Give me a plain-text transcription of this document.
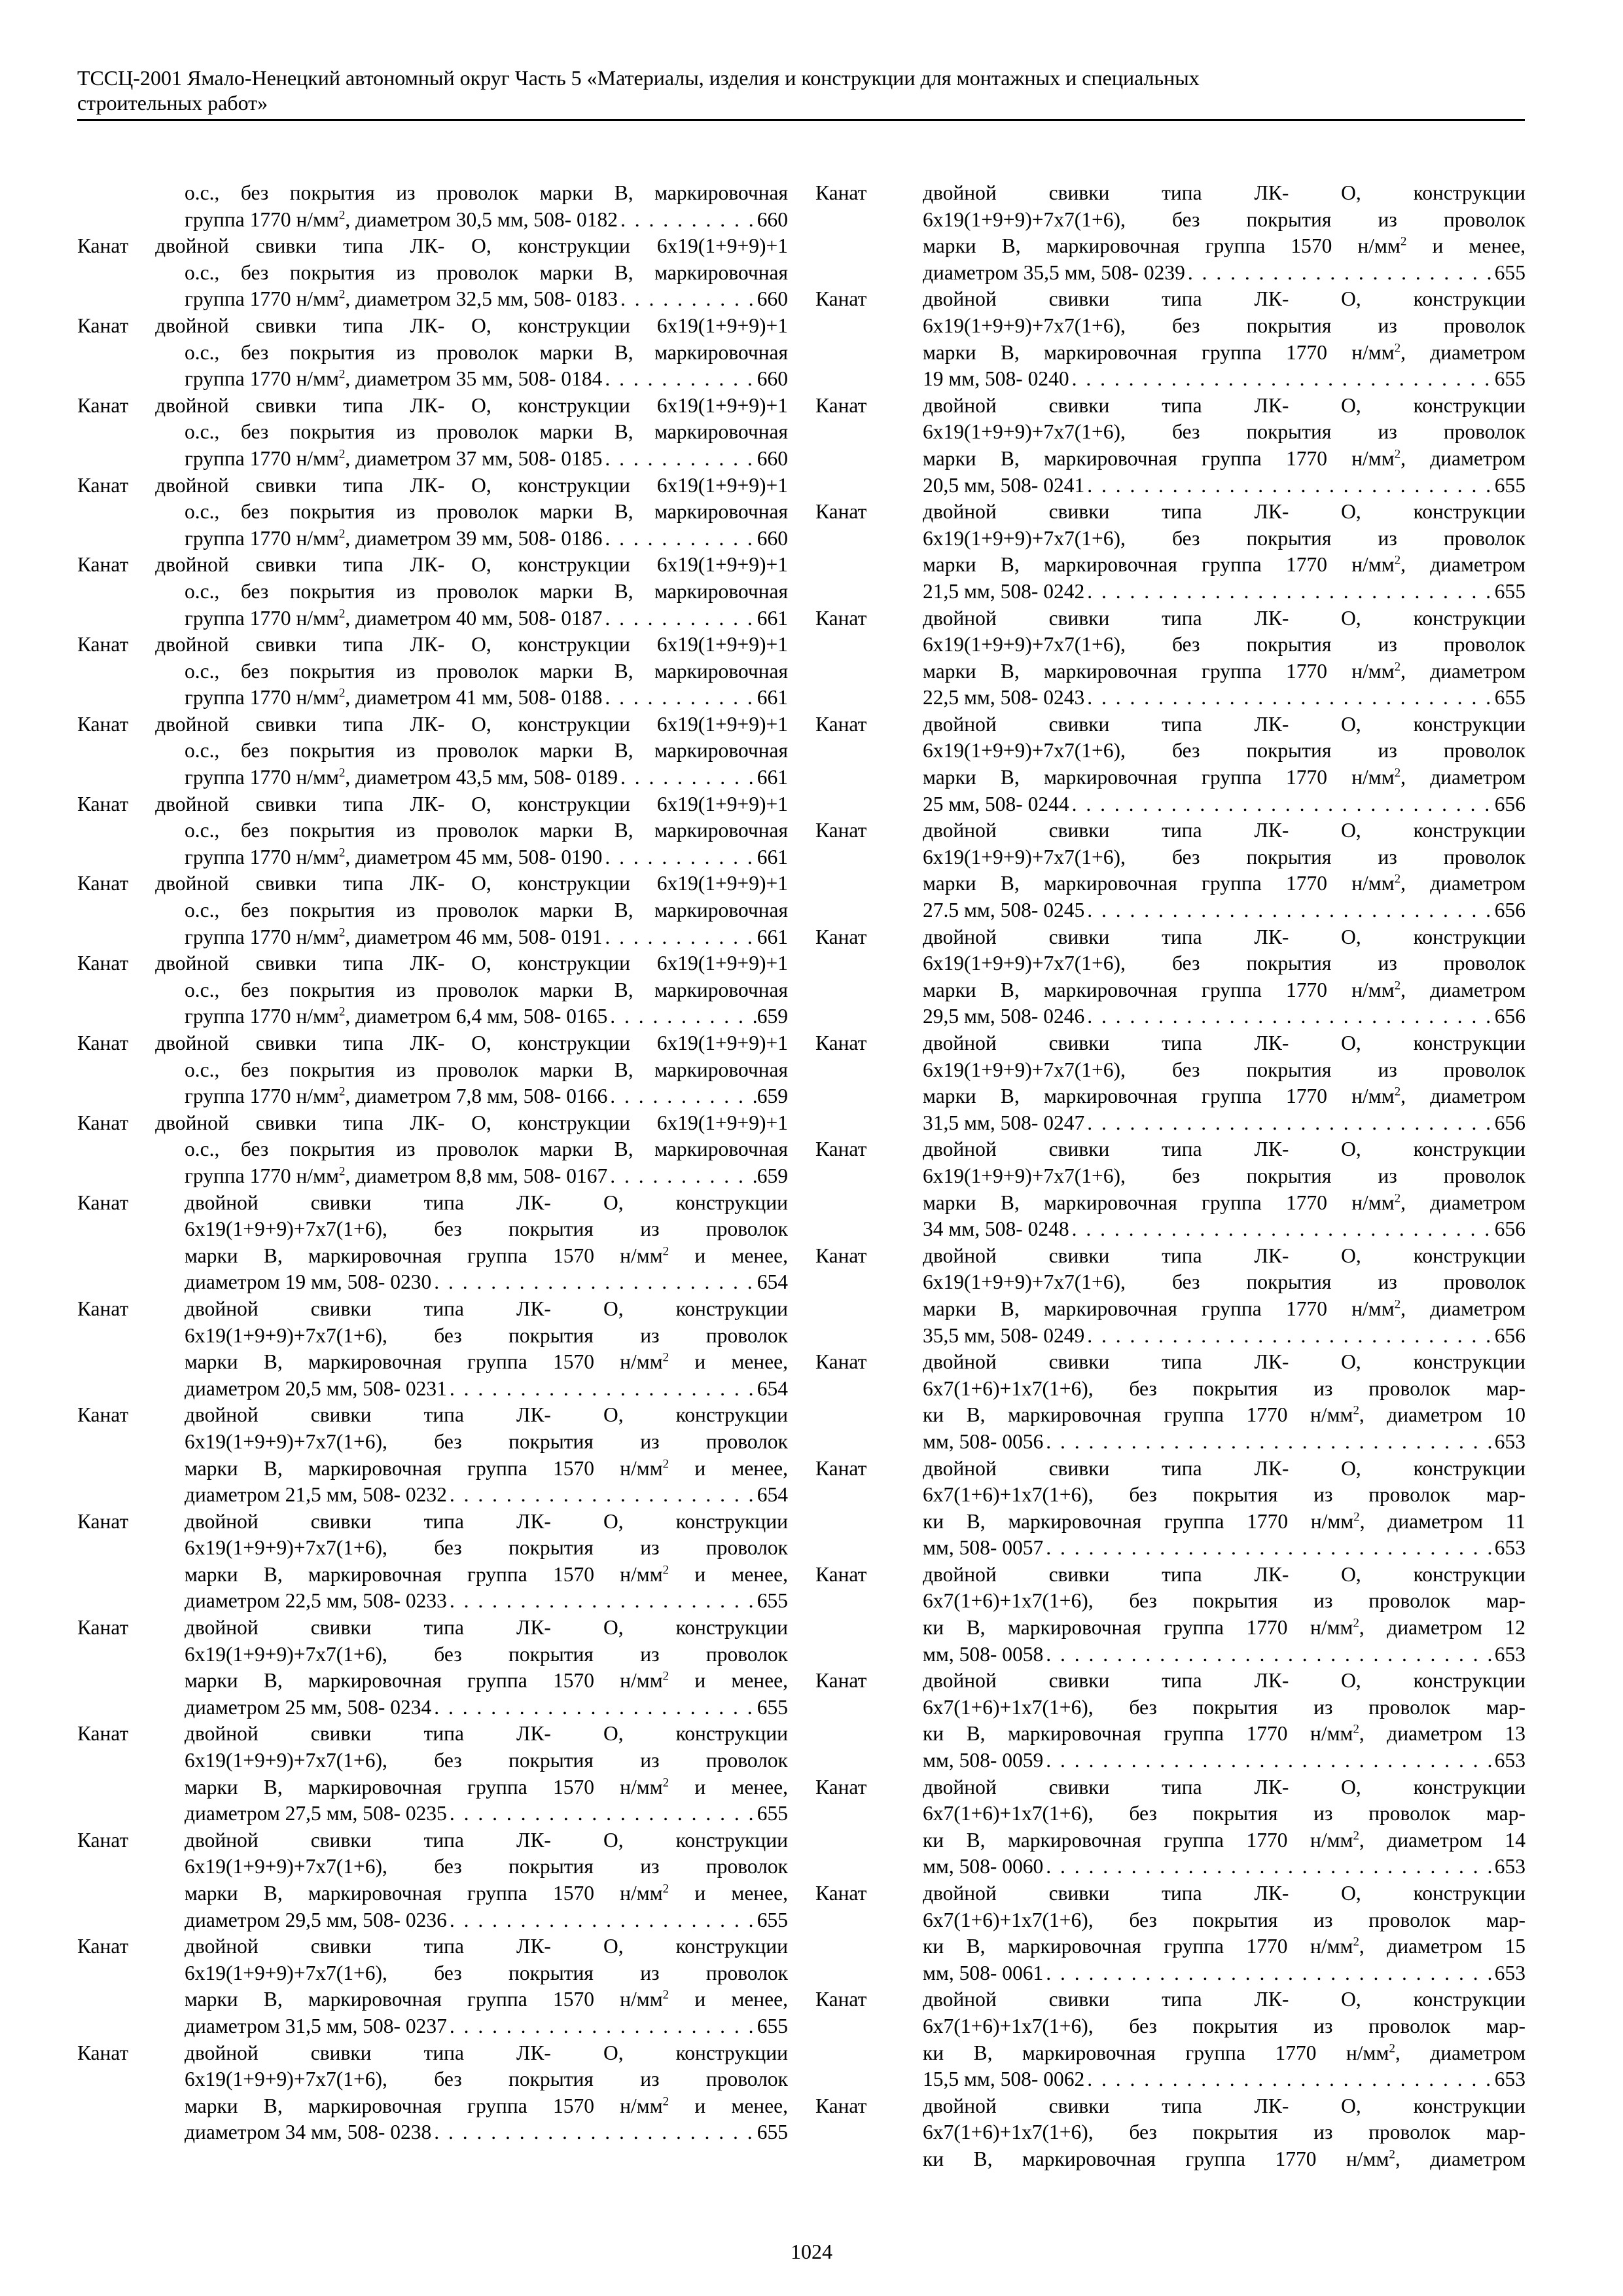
ТССЦ-2001 Ямало-Ненецкий автономный округ Часть 5 «Материалы, изделия и конструкции для монтажных и специальных
строительных работ»
о.с., без покрытия из проволок марки В, маркировочная
группа 1770 $н/мм^2$, диаметром 30,5 мм, 508- 0182 . . .	660
Канат двойной свивки типа ЛК- О, конструкции 6х19(1+9+9)+1
о.с., без покрытия из проволок марки В, маркировочная
группа 1770 $н/мм^2$, диаметром 32,5 мм, 508- 0183 . . .	660
Канат двойной свивки типа ЛК- О, конструкции 6х19(1+9+9)+1
о.с., без покрытия из проволок марки В, маркировочная
группа 1770 $н/мм^2$, диаметром 35 мм, 508- 0184 . . .	660
Канат двойной свивки типа ЛК- О, конструкции 6х19(1+9+9)+1
о.с., без покрытия из проволок марки В, маркировочная
группа 1770 $н/мм^2$, диаметром 37 мм, 508- 0185 . . .	660
Канат двойной свивки типа ЛК- О, конструкции 6х19(1+9+9)+1
о.с., без покрытия из проволок марки В, маркировочная
группа 1770 $н/мм^2$, диаметром 39 мм, 508- 0186 . . .	660
Канат двойной свивки типа ЛК- О, конструкции 6х19(1+9+9)+1
о.с., без покрытия из проволок марки В, маркировочная
группа 1770 $н/мм^2$, диаметром 40 мм, 508- 0187 . . .	661
Канат двойной свивки типа ЛК- О, конструкции 6х19(1+9+9)+1
о.с., без покрытия из проволок марки В, маркировочная
группа 1770 $н/мм^2$, диаметром 41 мм, 508- 0188 . . .	661
Канат двойной свивки типа ЛК- О, конструкции 6х19(1+9+9)+1
о.с., без покрытия из проволок марки В, маркировочная
группа 1770 $н/мм^2$, диаметром 43,5 мм, 508- 0189 . . .	661
Канат двойной свивки типа ЛК- О, конструкции 6х19(1+9+9)+1
о.с., без покрытия из проволок марки В, маркировочная
группа 1770 $н/мм^2$, диаметром 45 мм, 508- 0190 . . .	661
Канат двойной свивки типа ЛК- О, конструкции 6х19(1+9+9)+1
о.с., без покрытия из проволок марки В, маркировочная
группа 1770 $н/мм^2$, диаметром 46 мм, 508- 0191 . . .	661
Канат двойной свивки типа ЛК- О, конструкции 6х19(1+9+9)+1
о.с., без покрытия из проволок марки В, маркировочная
группа 1770 $н/мм^2$, диаметром 6,4 мм, 508- 0165 . . .	659
Канат двойной свивки типа ЛК- О, конструкции 6х19(1+9+9)+1
о.с., без покрытия из проволок марки В, маркировочная
группа 1770 $н/мм^2$, диаметром 7,8 мм, 508- 0166 . . .	659
Канат двойной свивки типа ЛК- О, конструкции 6х19(1+9+9)+1
о.с., без покрытия из проволок марки В, маркировочная
группа 1770 $н/мм^2$, диаметром 8,8 мм, 508- 0167 . . .	659
Канат	двойной свивки типа ЛК- О, конструкции
6х19(1+9+9)+7х7(1+6), без покрытия из проволок
марки В, маркировочная группа 1570 $н/мм^2$ и менее,
диаметром 19 мм, 508- 0230 . . .	654
Канат	двойной свивки типа ЛК- О, конструкции
6х19(1+9+9)+7х7(1+6), без покрытия из проволок
марки В, маркировочная группа 1570 $н/мм^2$ и менее,
диаметром 20,5 мм, 508- 0231 . . .	654
Канат	двойной свивки типа ЛК- О, конструкции
6х19(1+9+9)+7х7(1+6), без покрытия из проволок
марки В, маркировочная группа 1570 $н/мм^2$ и менее,
диаметром 21,5 мм, 508- 0232 . . .	654
Канат	двойной свивки типа ЛК- О, конструкции
6х19(1+9+9)+7х7(1+6), без покрытия из проволок
марки В, маркировочная группа 1570 $н/мм^2$ и менее,
диаметром 22,5 мм, 508- 0233 . . .	655
Канат	двойной свивки типа ЛК- О, конструкции
6х19(1+9+9)+7х7(1+6), без покрытия из проволок
марки В, маркировочная группа 1570 $н/мм^2$ и менее,
диаметром 25 мм, 508- 0234 . . .	655
Канат	двойной свивки типа ЛК- О, конструкции
6х19(1+9+9)+7х7(1+6), без покрытия из проволок
марки В, маркировочная группа 1570 $н/мм^2$ и менее,
диаметром 27,5 мм, 508- 0235 . . .	655
Канат	двойной свивки типа ЛК- О, конструкции
6х19(1+9+9)+7х7(1+6), без покрытия из проволок
марки В, маркировочная группа 1570 $н/мм^2$ и менее,
диаметром 29,5 мм, 508- 0236 . . .	655
Канат	двойной свивки типа ЛК- О, конструкции
6х19(1+9+9)+7х7(1+6), без покрытия из проволок
марки В, маркировочная группа 1570 $н/мм^2$ и менее,
диаметром 31,5 мм, 508- 0237 . . .	655
Канат	двойной свивки типа ЛК- О, конструкции
6х19(1+9+9)+7х7(1+6), без покрытия из проволок
марки В, маркировочная группа 1570 $н/мм^2$ и менее,
диаметром 34 мм, 508- 0238 . . .	655
Канат	двойной свивки типа ЛК- О, конструкции
6х19(1+9+9)+7х7(1+6), без покрытия из проволок
марки В, маркировочная группа 1570 $н/мм^2$ и менее,
диаметром 35,5 мм, 508- 0239 . . .	655
Канат	двойной свивки типа ЛК- О, конструкции
6х19(1+9+9)+7х7(1+6), без покрытия из проволок
марки В, маркировочная группа 1770 $н/мм^2$, диаметром
19 мм, 508- 0240 . . .	655
Канат	двойной свивки типа ЛК- О, конструкции
6х19(1+9+9)+7х7(1+6), без покрытия из проволок
марки В, маркировочная группа 1770 $н/мм^2$, диаметром
20,5 мм, 508- 0241 . . .	655
Канат	двойной свивки типа ЛК- О, конструкции
6х19(1+9+9)+7х7(1+6), без покрытия из проволок
марки В, маркировочная группа 1770 $н/мм^2$, диаметром
21,5 мм, 508- 0242 . . .	655
Канат	двойной свивки типа ЛК- О, конструкции
6х19(1+9+9)+7х7(1+6), без покрытия из проволок
марки В, маркировочная группа 1770 $н/мм^2$, диаметром
22,5 мм, 508- 0243 . . .	655
Канат	двойной свивки типа ЛК- О, конструкции
6х19(1+9+9)+7х7(1+6), без покрытия из проволок
марки В, маркировочная группа 1770 $н/мм^2$, диаметром
25 мм, 508- 0244 . . .	656
Канат	двойной свивки типа ЛК- О, конструкции
6х19(1+9+9)+7х7(1+6), без покрытия из проволок
марки В, маркировочная группа 1770 $н/мм^2$, диаметром
27.5 мм, 508- 0245 . . .	656
Канат	двойной свивки типа ЛК- О, конструкции
6х19(1+9+9)+7х7(1+6), без покрытия из проволок
марки В, маркировочная группа 1770 $н/мм^2$, диаметром
29,5 мм, 508- 0246 . . .	656
Канат	двойной свивки типа ЛК- О, конструкции
6х19(1+9+9)+7х7(1+6), без покрытия из проволок
марки В, маркировочная группа 1770 $н/мм^2$, диаметром
31,5 мм, 508- 0247 . . .	656
Канат	двойной свивки типа ЛК- О, конструкции
6х19(1+9+9)+7х7(1+6), без покрытия из проволок
марки В, маркировочная группа 1770 $н/мм^2$, диаметром
34 мм, 508- 0248 . . .	656
Канат	двойной свивки типа ЛК- О, конструкции
6х19(1+9+9)+7х7(1+6), без покрытия из проволок
марки В, маркировочная группа 1770 $н/мм^2$, диаметром
35,5 мм, 508- 0249 . . .	656
Канат	двойной свивки типа ЛК- О, конструкции
6х7(1+6)+1х7(1+6), без покрытия из проволок мар-
ки В, маркировочная группа 1770 $н/мм^2$, диаметром 10
мм, 508- 0056 . . .	653
Канат	двойной свивки типа ЛК- О, конструкции
6х7(1+6)+1х7(1+6), без покрытия из проволок мар-
ки В, маркировочная группа 1770 $н/мм^2$, диаметром 11
мм, 508- 0057 . . .	653
Канат	двойной свивки типа ЛК- О, конструкции
6х7(1+6)+1х7(1+6), без покрытия из проволок мар-
ки В, маркировочная группа 1770 $н/мм^2$, диаметром 12
мм, 508- 0058 . . .	653
Канат	двойной свивки типа ЛК- О, конструкции
6х7(1+6)+1х7(1+6), без покрытия из проволок мар-
ки В, маркировочная группа 1770 $н/мм^2$, диаметром 13
мм, 508- 0059 . . .	653
Канат	двойной свивки типа ЛК- О, конструкции
6х7(1+6)+1х7(1+6), без покрытия из проволок мар-
ки В, маркировочная группа 1770 $н/мм^2$, диаметром 14
мм, 508- 0060 . . .	653
Канат	двойной свивки типа ЛК- О, конструкции
6х7(1+6)+1х7(1+6), без покрытия из проволок мар-
ки В, маркировочная группа 1770 $н/мм^2$, диаметром 15
мм, 508- 0061 . . .	653
Канат	двойной свивки типа ЛК- О, конструкции
6х7(1+6)+1х7(1+6), без покрытия из проволок мар-
ки В, маркировочная группа 1770 $н/мм^2$, диаметром
15,5 мм, 508- 0062 . . .	653
Канат	двойной свивки типа ЛК- О, конструкции
6х7(1+6)+1х7(1+6), без покрытия из проволок мар-
ки В, маркировочная группа 1770 $н/мм^2$, диаметром
1024
